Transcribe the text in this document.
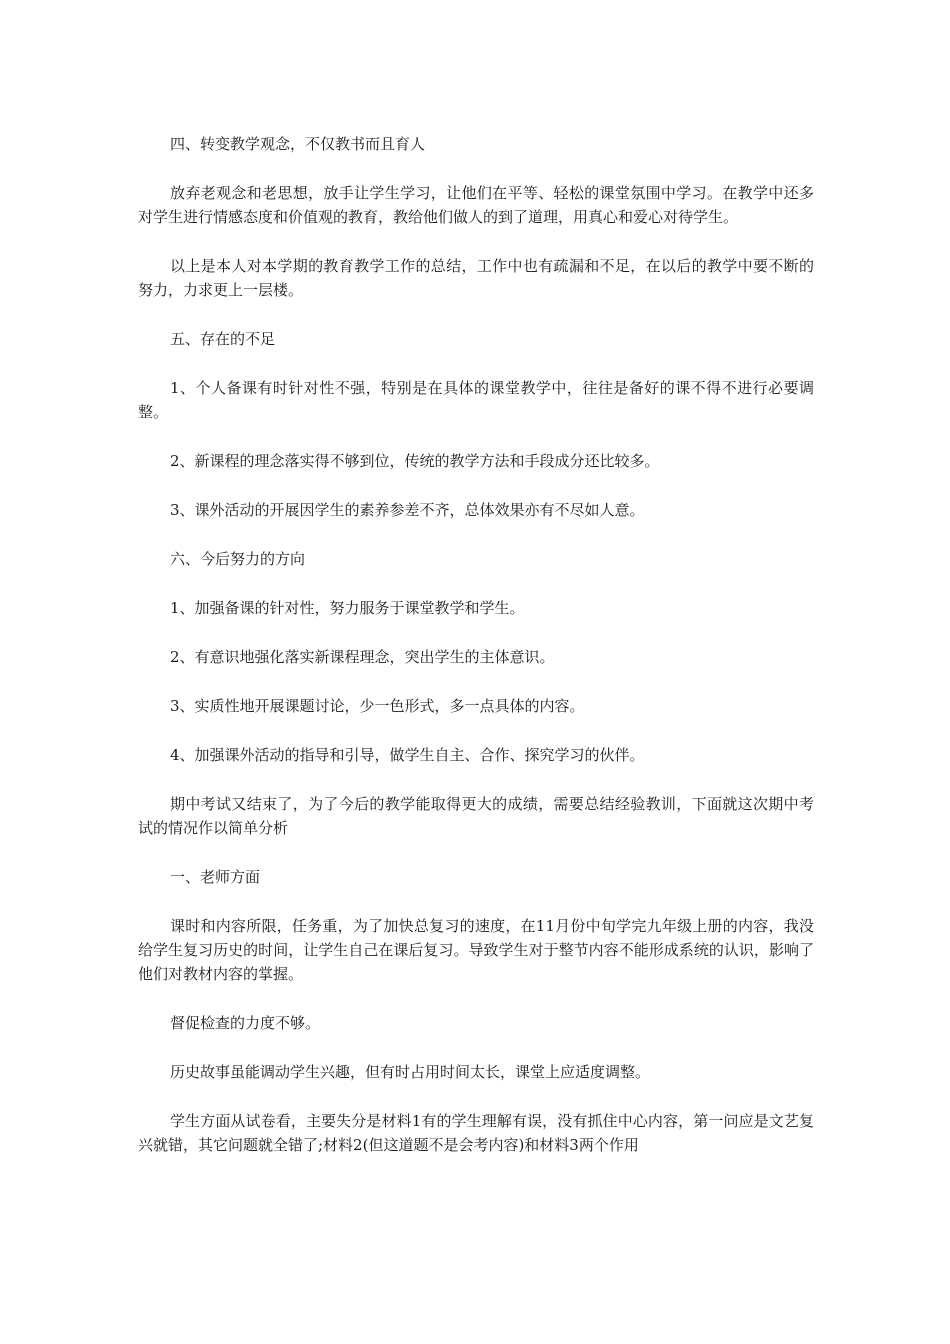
四、转变教学观念，不仅教书而且育人

放弃老观念和老思想，放手让学生学习，让他们在平等、轻松的课堂氛围中学习。在教学中还多对学生进行情感态度和价值观的教育，教给他们做人的到了道理，用真心和爱心对待学生。

以上是本人对本学期的教育教学工作的总结，工作中也有疏漏和不足，在以后的教学中要不断的努力，力求更上一层楼。

五、存在的不足

1、个人备课有时针对性不强，特别是在具体的课堂教学中，往往是备好的课不得不进行必要调整。

2、新课程的理念落实得不够到位，传统的教学方法和手段成分还比较多。

3、课外活动的开展因学生的素养参差不齐，总体效果亦有不尽如人意。

六、今后努力的方向

1、加强备课的针对性，努力服务于课堂教学和学生。

2、有意识地强化落实新课程理念，突出学生的主体意识。

3、实质性地开展课题讨论，少一色形式，多一点具体的内容。

4、加强课外活动的指导和引导，做学生自主、合作、探究学习的伙伴。

期中考试又结束了，为了今后的教学能取得更大的成绩，需要总结经验教训，下面就这次期中考试的情况作以简单分析

一、老师方面

课时和内容所限，任务重，为了加快总复习的速度，在11月份中旬学完九年级上册的内容，我没给学生复习历史的时间，让学生自己在课后复习。导致学生对于整节内容不能形成系统的认识，影响了他们对教材内容的掌握。

督促检查的力度不够。

历史故事虽能调动学生兴趣，但有时占用时间太长，课堂上应适度调整。

学生方面从试卷看，主要失分是材料1有的学生理解有误，没有抓住中心内容，第一问应是文艺复兴就错，其它问题就全错了;材料2(但这道题不是会考内容)和材料3两个作用
